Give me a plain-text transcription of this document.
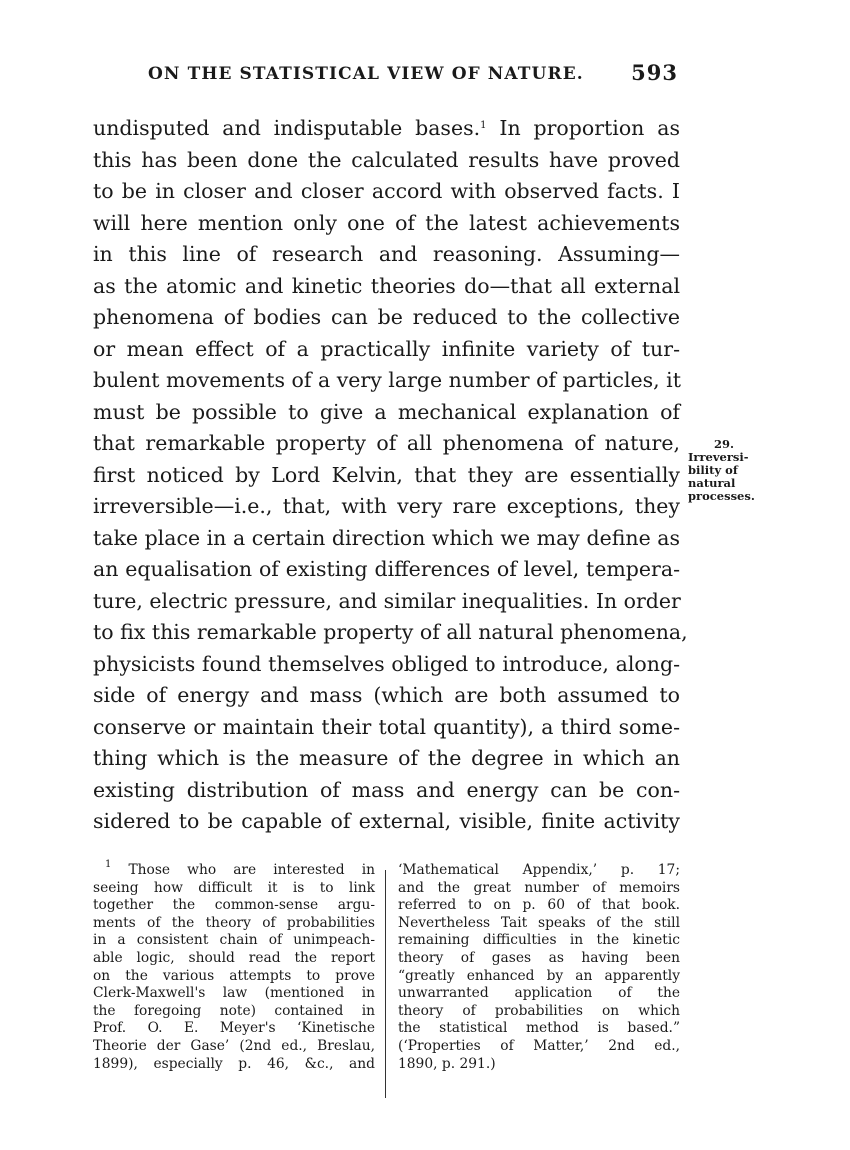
ON THE STATISTICAL VIEW OF NATURE. 593
undisputed and indisputable bases.$^1$ In proportion as
this has been done the calculated results have proved
to be in closer and closer accord with observed facts. I
will here mention only one of the latest achievements
in this line of research and reasoning. Assuming—
as the atomic and kinetic theories do—that all external
phenomena of bodies can be reduced to the collective
or mean effect of a practically infinite variety of tur-
bulent movements of a very large number of particles, it
must be possible to give a mechanical explanation of
that remarkable property of all phenomena of nature,
first noticed by Lord Kelvin, that they are essentially
irreversible—i.e., that, with very rare exceptions, they
take place in a certain direction which we may define as
an equalisation of existing differences of level, tempera-
ture, electric pressure, and similar inequalities. In order
to fix this remarkable property of all natural phenomena,
physicists found themselves obliged to introduce, along-
side of energy and mass (which are both assumed to
conserve or maintain their total quantity), a third some-
thing which is the measure of the degree in which an
existing distribution of mass and energy can be con-
sidered to be capable of external, visible, finite activity
29.
Irreversi-
bility of
natural
processes.
$^1$ Those who are interested in
seeing how difficult it is to link
together the common-sense argu-
ments of the theory of probabilities
in a consistent chain of unimpeach-
able logic, should read the report
on the various attempts to prove
Clerk-Maxwell's law (mentioned in
the foregoing note) contained in
Prof. O. E. Meyer's ‘Kinetische
Theorie der Gase’ (2nd ed., Breslau,
1899), especially p. 46, &c., and
‘Mathematical Appendix,’ p. 17;
and the great number of memoirs
referred to on p. 60 of that book.
Nevertheless Tait speaks of the still
remaining difficulties in the kinetic
theory of gases as having been
“greatly enhanced by an apparently
unwarranted application of the
theory of probabilities on which
the statistical method is based.”
(‘Properties of Matter,’ 2nd ed.,
1890, p. 291.)
